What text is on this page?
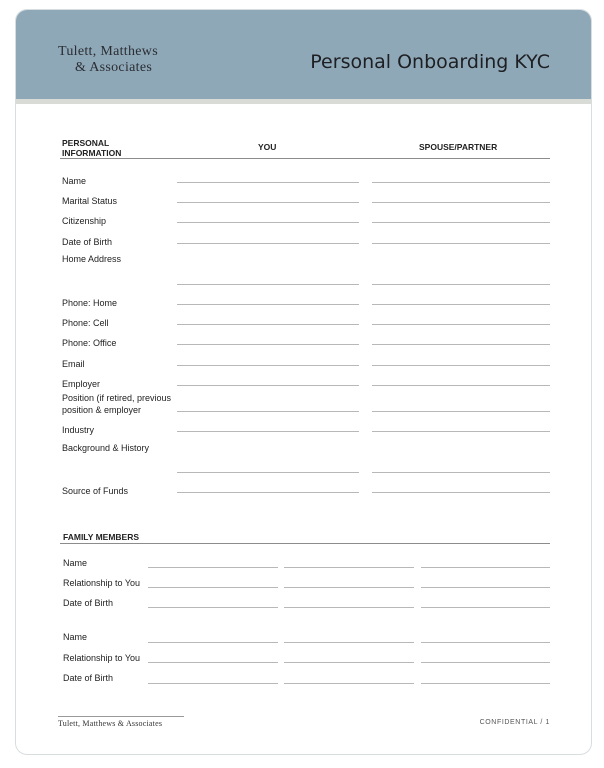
Tulett, Matthews
& Associates	Personal Onboarding KYC
PERSONAL
INFORMATION
YOU	SPOUSE/PARTNER
Name
Marital Status
Citizenship
Date of Birth
Home Address
Phone: Home
Phone: Cell
Phone: Office
Email
Employer
Position (if retired, previous
position & employer
Industry
Background & History
Source of Funds
FAMILY MEMBERS
Name
Relationship to You
Date of Birth
Name
Relationship to You
Date of Birth
Tulett, Matthews & Associates	CONFIDENTIAL / 1
